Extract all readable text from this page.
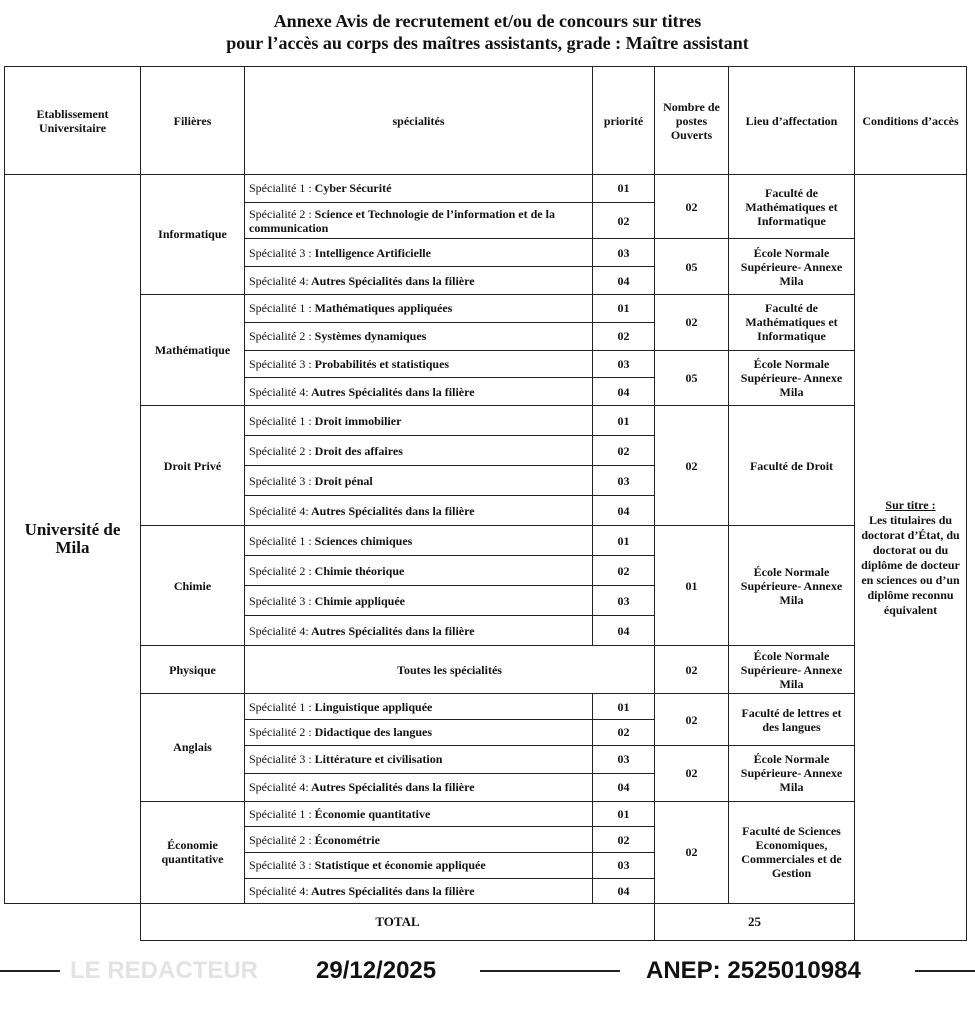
Annexe Avis de recrutement et/ou de concours sur titres
pour l’accès au corps des maîtres assistants, grade : Maître assistant
Etablissement Universitaire	Filières	spécialités	priorité	Nombre de postes Ouverts	Lieu d’affectation	Conditions d’accès
Université de Mila	Informatique	Spécialité 1 : Cyber Sécurité	01	02	Faculté de Mathématiques et Informatique	Sur titre :
Les titulaires du doctorat d’État, du doctorat ou du diplôme de docteur en sciences ou d’un diplôme reconnu équivalent
		Spécialité 2 : Science et Technologie de l’information et de la communication	02			
		Spécialité 3 : Intelligence Artificielle	03	05	École Normale Supérieure- Annexe Mila	
		Spécialité 4: Autres Spécialités dans la filière	04			
	Mathématique	Spécialité 1 : Mathématiques appliquées	01	02	Faculté de Mathématiques et Informatique	
		Spécialité 2 : Systèmes dynamiques	02			
		Spécialité 3 : Probabilités et statistiques	03	05	École Normale Supérieure- Annexe Mila	
		Spécialité 4: Autres Spécialités dans la filière	04			
	Droit Privé	Spécialité 1 : Droit immobilier	01	02	Faculté de Droit	
		Spécialité 2 : Droit des affaires	02			
		Spécialité 3 : Droit pénal	03			
		Spécialité 4: Autres Spécialités dans la filière	04			
	Chimie	Spécialité 1 : Sciences chimiques	01	01	École Normale Supérieure- Annexe Mila	
		Spécialité 2 : Chimie théorique	02			
		Spécialité 3 : Chimie appliquée	03			
		Spécialité 4: Autres Spécialités dans la filière	04			
	Physique	Toutes les spécialités		02	École Normale Supérieure- Annexe Mila	
	Anglais	Spécialité 1 : Linguistique appliquée	01	02	Faculté de lettres et des langues	
		Spécialité 2 : Didactique des langues	02			
		Spécialité 3 : Littérature et civilisation	03	02	École Normale Supérieure- Annexe Mila	
		Spécialité 4: Autres Spécialités dans la filière	04			
	Économie quantitative	Spécialité 1 : Économie quantitative	01	02	Faculté de Sciences Economiques, Commerciales et de Gestion	
		Spécialité 2 : Économétrie	02			
		Spécialité 3 : Statistique et économie appliquée	03			
		Spécialité 4: Autres Spécialités dans la filière	04			
	TOTAL			25		
LE REDACTEUR 29/12/2025	ANEP: 2525010984
